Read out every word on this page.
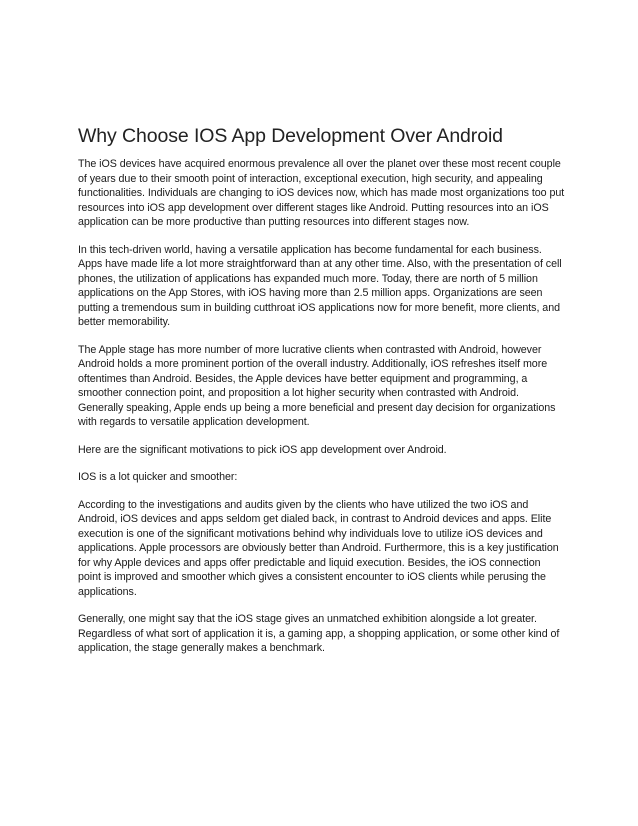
Why Choose IOS App Development Over Android

The iOS devices have acquired enormous prevalence all over the planet over these most recent couple of years due to their smooth point of interaction, exceptional execution, high security, and appealing functionalities. Individuals are changing to iOS devices now, which has made most organizations too put resources into iOS app development over different stages like Android. Putting resources into an iOS application can be more productive than putting resources into different stages now.

In this tech-driven world, having a versatile application has become fundamental for each business. Apps have made life a lot more straightforward than at any other time. Also, with the presentation of cell phones, the utilization of applications has expanded much more. Today, there are north of 5 million applications on the App Stores, with iOS having more than 2.5 million apps. Organizations are seen putting a tremendous sum in building cutthroat iOS applications now for more benefit, more clients, and better memorability.

The Apple stage has more number of more lucrative clients when contrasted with Android, however Android holds a more prominent portion of the overall industry. Additionally, iOS refreshes itself more oftentimes than Android. Besides, the Apple devices have better equipment and programming, a smoother connection point, and proposition a lot higher security when contrasted with Android. Generally speaking, Apple ends up being a more beneficial and present day decision for organizations with regards to versatile application development.

Here are the significant motivations to pick iOS app development over Android.

IOS is a lot quicker and smoother:

According to the investigations and audits given by the clients who have utilized the two iOS and Android, iOS devices and apps seldom get dialed back, in contrast to Android devices and apps. Elite execution is one of the significant motivations behind why individuals love to utilize iOS devices and applications. Apple processors are obviously better than Android. Furthermore, this is a key justification for why Apple devices and apps offer predictable and liquid execution. Besides, the iOS connection point is improved and smoother which gives a consistent encounter to iOS clients while perusing the applications.

Generally, one might say that the iOS stage gives an unmatched exhibition alongside a lot greater. Regardless of what sort of application it is, a gaming app, a shopping application, or some other kind of application, the stage generally makes a benchmark.
